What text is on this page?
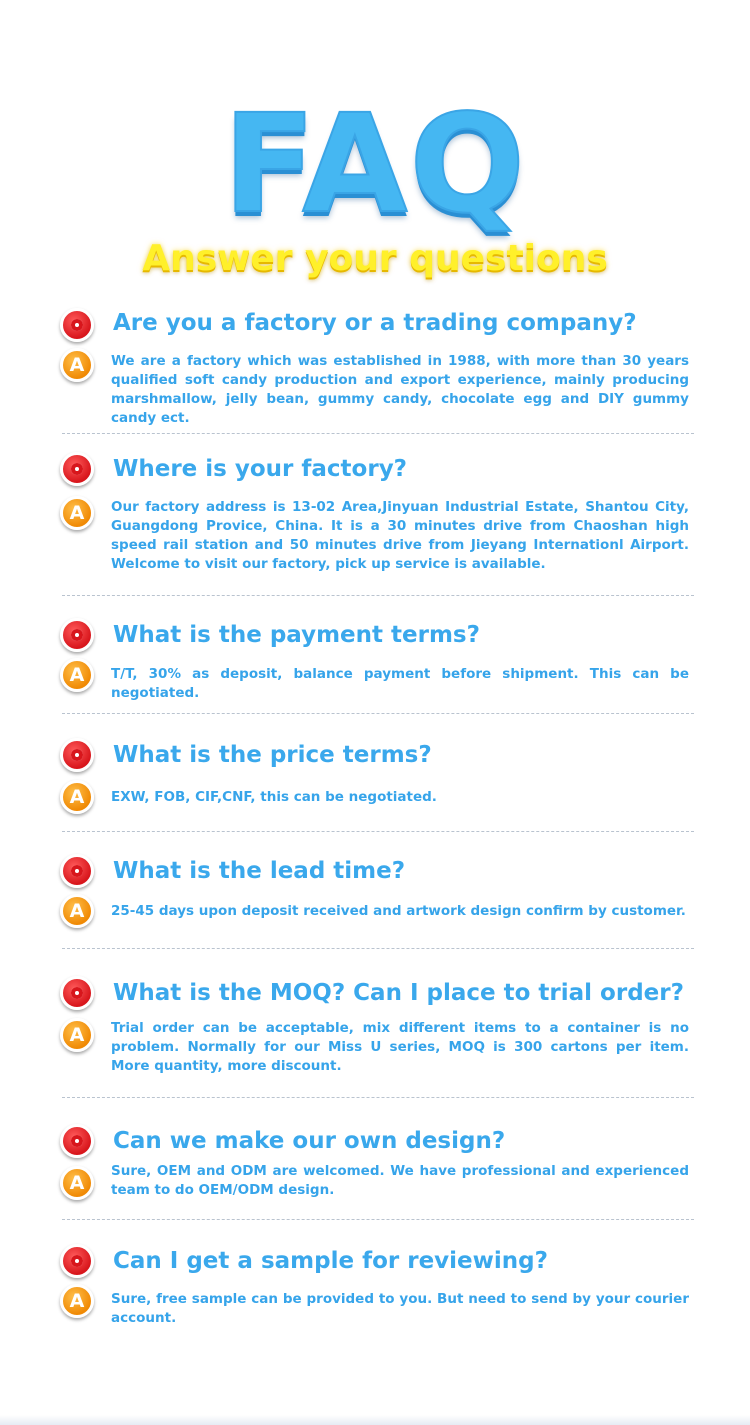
FAQ
Answer your questions
Are you a factory or a trading company?
A	We are a factory which was established in 1988, with more than 30 years qualified soft candy production and export experience, mainly producing marshmallow, jelly bean, gummy candy, chocolate egg and DIY gummy candy ect.
Where is your factory?
A	Our factory address is 13-02 Area,Jinyuan Industrial Estate, Shantou City, Guangdong Provice, China. It is a 30 minutes drive from Chaoshan high speed rail station and 50 minutes drive from Jieyang Internationl Airport. Welcome to visit our factory, pick up service is available.
What is the payment terms?
A	T/T, 30% as deposit, balance payment before shipment. This can be negotiated.
What is the price terms?
A	EXW, FOB, CIF,CNF, this can be negotiated.
What is the lead time?
A	25-45 days upon deposit received and artwork design confirm by customer.
What is the MOQ? Can I place to trial order?
A	Trial order can be acceptable, mix different items to a container is no problem. Normally for our Miss U series, MOQ is 300 cartons per item. More quantity, more discount.
Can we make our own design?
A
Sure, OEM and ODM are welcomed. We have professional and experienced team to do OEM/ODM design.
Can I get a sample for reviewing?
A	Sure, free sample can be provided to you. But need to send by your courier account.
